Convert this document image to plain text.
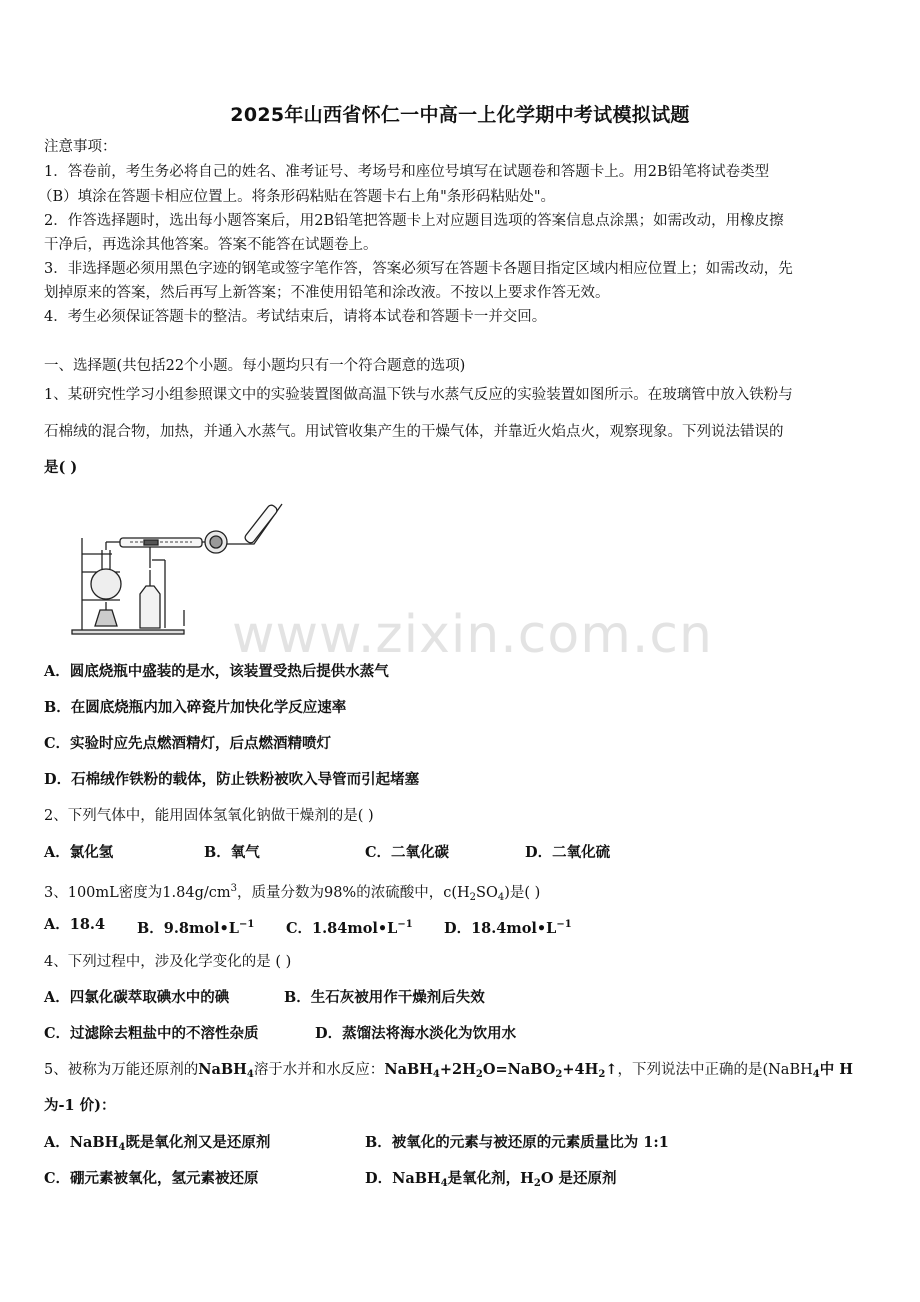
2025年山西省怀仁一中高一上化学期中考试模拟试题
注意事项：
1．答卷前，考生务必将自己的姓名、准考证号、考场号和座位号填写在试题卷和答题卡上。用2B铅笔将试卷类型
（B）填涂在答题卡相应位置上。将条形码粘贴在答题卡右上角"条形码粘贴处"。
2．作答选择题时，选出每小题答案后，用2B铅笔把答题卡上对应题目选项的答案信息点涂黑；如需改动，用橡皮擦
干净后，再选涂其他答案。答案不能答在试题卷上。
3．非选择题必须用黑色字迹的钢笔或签字笔作答，答案必须写在答题卡各题目指定区域内相应位置上；如需改动，先
划掉原来的答案，然后再写上新答案；不准使用铅笔和涂改液。不按以上要求作答无效。
4．考生必须保证答题卡的整洁。考试结束后，请将本试卷和答题卡一并交回。
一、选择题(共包括22个小题。每小题均只有一个符合题意的选项)
1、某研究性学习小组参照课文中的实验装置图做高温下铁与水蒸气反应的实验装置如图所示。在玻璃管中放入铁粉与
石棉绒的混合物，加热，并通入水蒸气。用试管收集产生的干燥气体，并靠近火焰点火，观察现象。下列说法错误的
是( )
www.zixin.com.cn
A．圆底烧瓶中盛装的是水，该装置受热后提供水蒸气
B．在圆底烧瓶内加入碎瓷片加快化学反应速率
C．实验时应先点燃酒精灯，后点燃酒精喷灯
D．石棉绒作铁粉的载体，防止铁粉被吹入导管而引起堵塞
2、下列气体中，能用固体氢氧化钠做干燥剂的是( )
A．氯化氢	B．氧气	C．二氧化碳	D．二氧化硫
3、100mL密度为$1.84g/cm^3$，质量分数为98%的浓硫酸中，$c(H_2SO_4)$是( )
A．18.4 B．$9.8mol•L^{-1}$ C．$1.84mol•L^{-1}$ D．$18.4mol•L^{-1}$
4、下列过程中，涉及化学变化的是 ( )
A．四氯化碳萃取碘水中的碘	B．生石灰被用作干燥剂后失效
C．过滤除去粗盐中的不溶性杂质	D．蒸馏法将海水淡化为饮用水
5、被称为万能还原剂的NaBH$_4$溶于水并和水反应：$NaBH_4+2H_2O=NaBO_2+4H_2↑$，下列说法中正确的是(NaBH$_4$中 H
为-1 价)：
A．NaBH$_4$既是氧化剂又是还原剂	B．被氧化的元素与被还原的元素质量比为 1:1
C．硼元素被氧化，氢元素被还原	D．NaBH$_4$是氧化剂，$H_2O$ 是还原剂
